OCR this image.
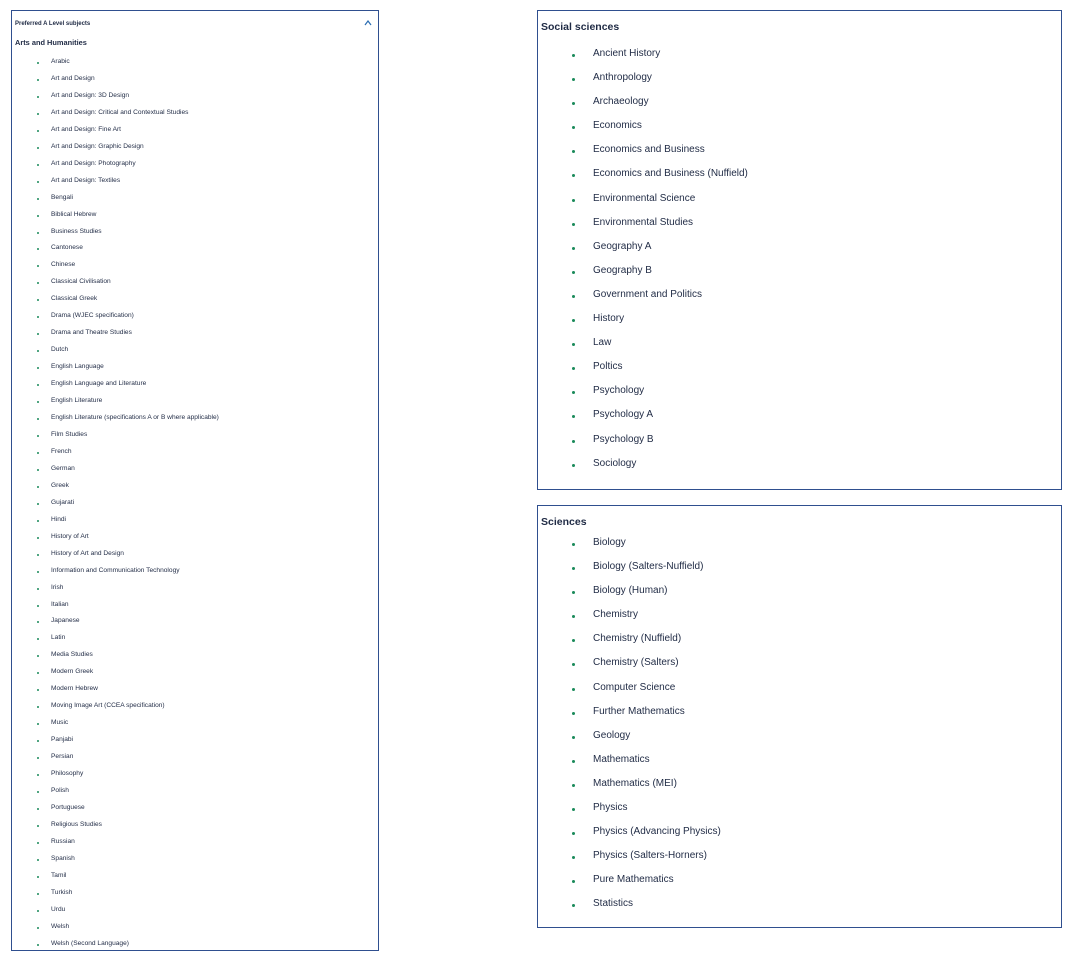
Preferred A Level subjects
Arts and Humanities
Arabic
Art and Design
Art and Design: 3D Design
Art and Design: Critical and Contextual Studies
Art and Design: Fine Art
Art and Design: Graphic Design
Art and Design: Photography
Art and Design: Textiles
Bengali
Biblical Hebrew
Business Studies
Cantonese
Chinese
Classical Civilisation
Classical Greek
Drama (WJEC specification)
Drama and Theatre Studies
Dutch
English Language
English Language and Literature
English Literature
English Literature (specifications A or B where applicable)
Film Studies
French
German
Greek
Gujarati
Hindi
History of Art
History of Art and Design
Information and Communication Technology
Irish
Italian
Japanese
Latin
Media Studies
Modern Greek
Modern Hebrew
Moving Image Art (CCEA specification)
Music
Panjabi
Persian
Philosophy
Polish
Portuguese
Religious Studies
Russian
Spanish
Tamil
Turkish
Urdu
Welsh
Welsh (Second Language)
Social sciences
Ancient History
Anthropology
Archaeology
Economics
Economics and Business
Economics and Business (Nuffield)
Environmental Science
Environmental Studies
Geography A
Geography B
Government and Politics
History
Law
Poltics
Psychology
Psychology A
Psychology B
Sociology
Sciences
Biology
Biology (Salters-Nuffield)
Biology (Human)
Chemistry
Chemistry (Nuffield)
Chemistry (Salters)
Computer Science
Further Mathematics
Geology
Mathematics
Mathematics (MEI)
Physics
Physics (Advancing Physics)
Physics (Salters-Horners)
Pure Mathematics
Statistics
